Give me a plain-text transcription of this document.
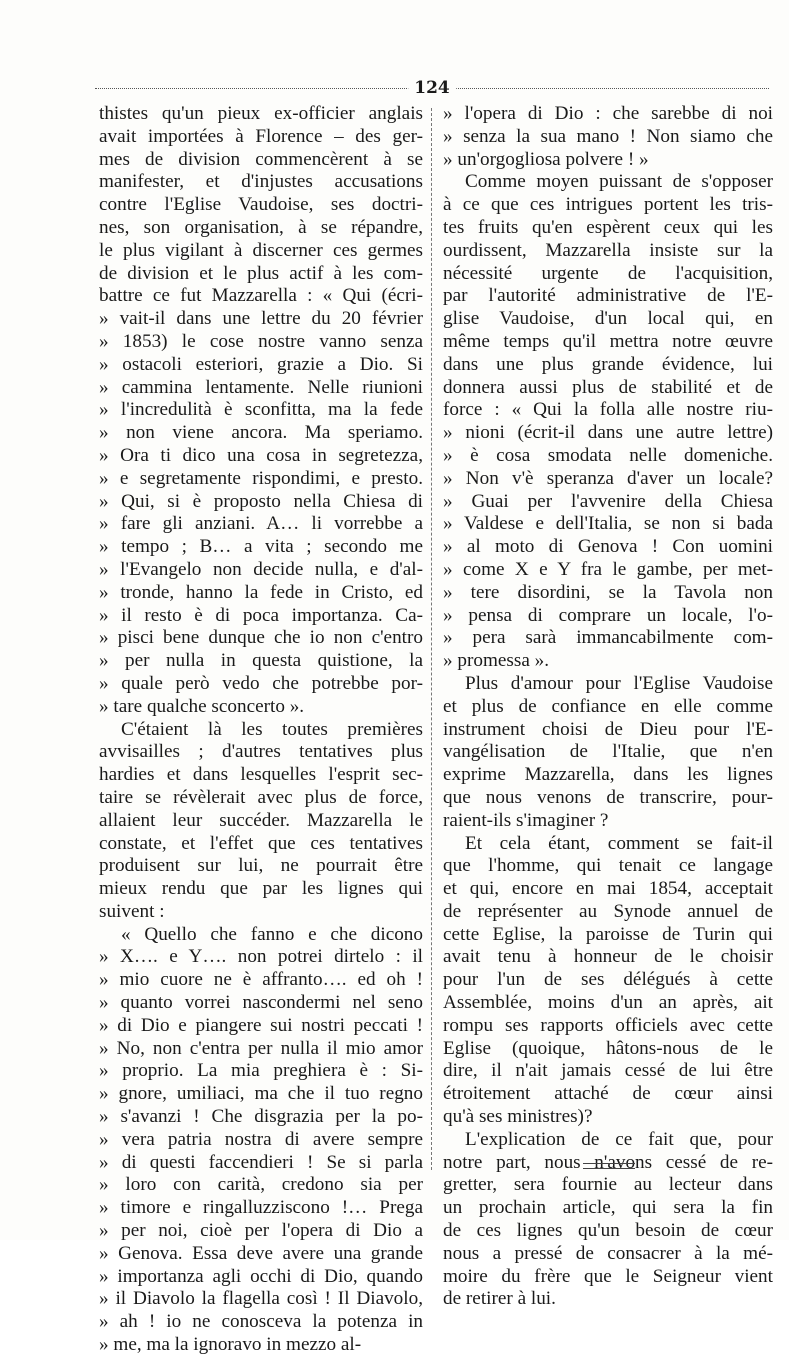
124
thistes qu'un pieux ex-officier anglais
avait importées à Florence – des ger-
mes de division commencèrent à se
manifester, et d'injustes accusations
contre l'Eglise Vaudoise, ses doctri-
nes, son organisation, à se répandre,
le plus vigilant à discerner ces germes
de division et le plus actif à les com-
battre ce fut Mazzarella : « Qui (écri-
» vait-il dans une lettre du 20 février
» 1853) le cose nostre vanno senza
» ostacoli esteriori, grazie a Dio. Si
» cammina lentamente. Nelle riunioni
» l'incredulità è sconfitta, ma la fede
» non viene ancora. Ma speriamo.
» Ora ti dico una cosa in segretezza,
» e segretamente rispondimi, e presto.
» Qui, si è proposto nella Chiesa di
» fare gli anziani. A… li vorrebbe a
» tempo ; B… a vita ; secondo me
» l'Evangelo non decide nulla, e d'al-
» tronde, hanno la fede in Cristo, ed
» il resto è di poca importanza. Ca-
» pisci bene dunque che io non c'entro
» per nulla in questa quistione, la
» quale però vedo che potrebbe por-
» tare qualche sconcerto ».
C'étaient là les toutes premières
avvisailles ; d'autres tentatives plus
hardies et dans lesquelles l'esprit sec-
taire se révèlerait avec plus de force,
allaient leur succéder. Mazzarella le
constate, et l'effet que ces tentatives
produisent sur lui, ne pourrait être
mieux rendu que par les lignes qui
suivent :
« Quello che fanno e che dicono
» X…. e Y…. non potrei dirtelo : il
» mio cuore ne è affranto…. ed oh !
» quanto vorrei nascondermi nel seno
» di Dio e piangere sui nostri peccati !
» No, non c'entra per nulla il mio amor
» proprio. La mia preghiera è : Si-
» gnore, umiliaci, ma che il tuo regno
» s'avanzi ! Che disgrazia per la po-
» vera patria nostra di avere sempre
» di questi faccendieri ! Se si parla
» loro con carità, credono sia per
» timore e ringalluzziscono !… Prega
» per noi, cioè per l'opera di Dio a
» Genova. Essa deve avere una grande
» importanza agli occhi di Dio, quando
» il Diavolo la flagella così ! Il Diavolo,
» ah ! io ne conosceva la potenza in
» me, ma la ignoravo in mezzo al-
» l'opera di Dio : che sarebbe di noi
» senza la sua mano ! Non siamo che
» un'orgogliosa polvere ! »
Comme moyen puissant de s'opposer
à ce que ces intrigues portent les tris-
tes fruits qu'en espèrent ceux qui les
ourdissent, Mazzarella insiste sur la
nécessité urgente de l'acquisition,
par l'autorité administrative de l'E-
glise Vaudoise, d'un local qui, en
même temps qu'il mettra notre œuvre
dans une plus grande évidence, lui
donnera aussi plus de stabilité et de
force : « Qui la folla alle nostre riu-
» nioni (écrit-il dans une autre lettre)
» è cosa smodata nelle domeniche.
» Non v'è speranza d'aver un locale?
» Guai per l'avvenire della Chiesa
» Valdese e dell'Italia, se non si bada
» al moto di Genova ! Con uomini
» come X e Y fra le gambe, per met-
» tere disordini, se la Tavola non
» pensa di comprare un locale, l'o-
» pera sarà immancabilmente com-
» promessa ».
Plus d'amour pour l'Eglise Vaudoise
et plus de confiance en elle comme
instrument choisi de Dieu pour l'E-
vangélisation de l'Italie, que n'en
exprime Mazzarella, dans les lignes
que nous venons de transcrire, pour-
raient-ils s'imaginer ?
Et cela étant, comment se fait-il
que l'homme, qui tenait ce langage
et qui, encore en mai 1854, acceptait
de représenter au Synode annuel de
cette Eglise, la paroisse de Turin qui
avait tenu à honneur de le choisir
pour l'un de ses délégués à cette
Assemblée, moins d'un an après, ait
rompu ses rapports officiels avec cette
Eglise (quoique, hâtons-nous de le
dire, il n'ait jamais cessé de lui être
étroitement attaché de cœur ainsi
qu'à ses ministres)?
L'explication de ce fait que, pour
notre part, nous n'avons cessé de re-
gretter, sera fournie au lecteur dans
un prochain article, qui sera la fin
de ces lignes qu'un besoin de cœur
nous a pressé de consacrer à la mé-
moire du frère que le Seigneur vient
de retirer à lui.
